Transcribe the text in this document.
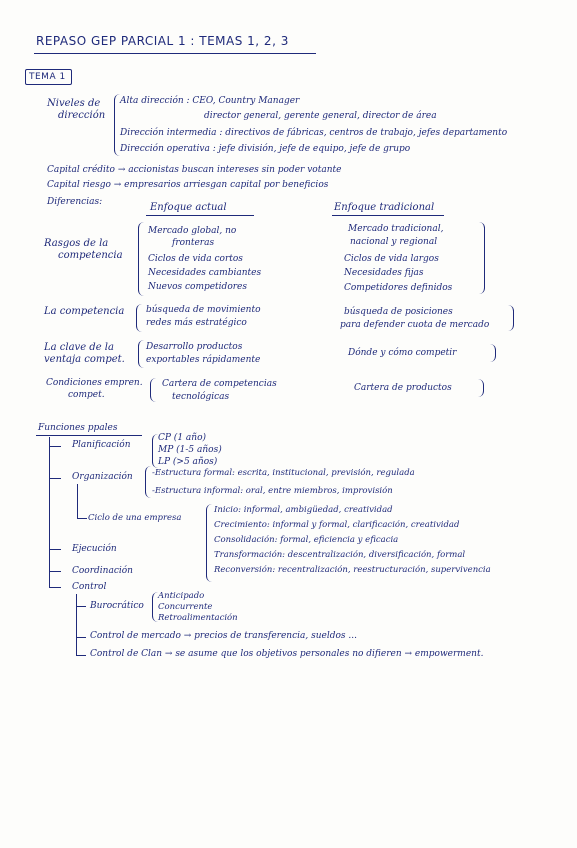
REPASO GEP PARCIAL 1 : TEMAS 1, 2, 3
TEMA 1
Niveles de
dirección
Alta dirección : CEO, Country Manager
director general, gerente general, director de área
Dirección intermedia : directivos de fábricas, centros de trabajo, jefes departamento
Dirección operativa : jefe división, jefe de equipo, jefe de grupo
Capital crédito → accionistas buscan intereses sin poder votante
Capital riesgo → empresarios arriesgan capital por beneficios
Diferencias:	Enfoque actual	Enfoque tradicional
Rasgos de la
competencia
Mercado global, no
fronteras
Ciclos de vida cortos
Necesidades cambiantes
Nuevos competidores
Mercado tradicional,
nacional y regional
Ciclos de vida largos
Necesidades fijas
Competidores definidos
La competencia búsqueda de movimiento
redes más estratégico
búsqueda de posiciones
para defender cuota de mercado
La clave de la
ventaja compet.
Desarrollo productos
exportables rápidamente
Dónde y cómo competir
Condiciones empren.
compet.
Cartera de competencias
tecnológicas
Cartera de productos
Funciones ppales
Planificación
CP (1 año)
MP (1-5 años)
LP (>5 años)
Organización -Estructura formal: escrita, institucional, previsión, regulada
-Estructura informal: oral, entre miembros, improvisión
Ciclo de una empresa
Inicio: informal, ambigüedad, creatividad
Crecimiento: informal y formal, clarificación, creatividad
Consolidación: formal, eficiencia y eficacia
Transformación: descentralización, diversificación, formal
Reconversión: recentralización, reestructuración, supervivencia
Ejecución
Coordinación
Control
Burocrático
Anticipado
Concurrente
Retroalimentación
Control de mercado → precios de transferencia, sueldos ...
Control de Clan → se asume que los objetivos personales no difieren → empowerment.
